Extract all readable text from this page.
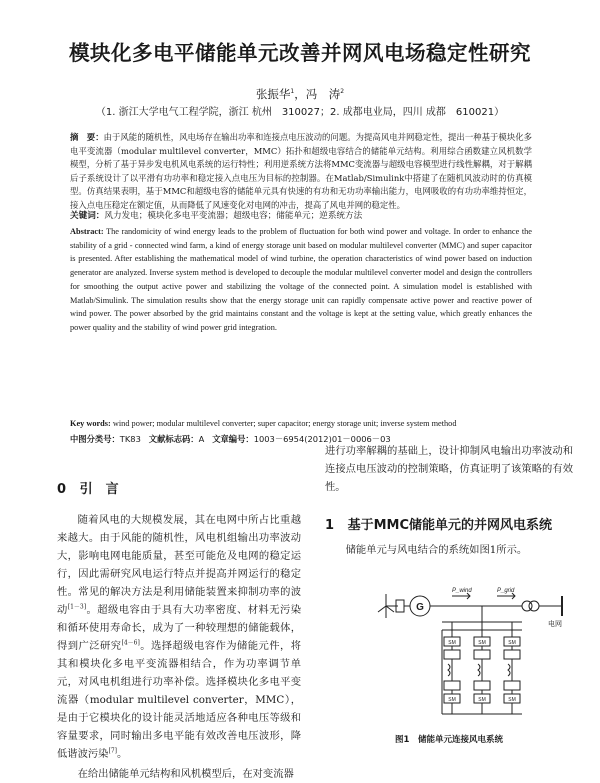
模块化多电平储能单元改善并网风电场稳定性研究
张振华$^1$，冯　涛$^2$
（1. 浙江大学电气工程学院，浙江 杭州　310027；2. 成都电业局，四川 成都　610021）
摘　要：由于风能的随机性，风电场存在输出功率和连接点电压波动的问题。为提高风电并网稳定性，提出一种基于模块化多电平变流器（modular multilevel converter，MMC）拓扑和超级电容结合的储能单元结构。利用综合函数建立风机数学模型，分析了基于异步发电机风电系统的运行特性；利用逆系统方法将MMC变流器与超级电容模型进行线性解耦，对于解耦后子系统设计了以平滑有功功率和稳定接入点电压为目标的控制器。在Matlab/Simulink中搭建了在随机风波动时的仿真模型。仿真结果表明，基于MMC和超级电容的储能单元具有快速的有功和无功功率输出能力，电网吸收的有功功率维持恒定，接入点电压稳定在额定值，从而降低了风速变化对电网的冲击，提高了风电并网的稳定性。
关键词：风力发电；模块化多电平变流器；超级电容；储能单元；逆系统方法
Abstract: The randomicity of wind energy leads to the problem of fluctuation for both wind power and voltage. In order to enhance the stability of a grid - connected wind farm, a kind of energy storage unit based on modular multilevel converter (MMC) and super capacitor is presented. After establishing the mathematical model of wind turbine, the operation characteristics of wind power based on induction generator are analyzed. Inverse system method is developed to decouple the modular multilevel converter model and design the controllers for smoothing the output active power and stabilizing the voltage of the connected point. A simulation model is established with Matlab/Simulink. The simulation results show that the energy storage unit can rapidly compensate active power and reactive power of wind power. The power absorbed by the grid maintains constant and the voltage is kept at the setting value, which greatly enhances the power quality and the stability of wind power grid integration.
Key words: wind power; modular multilevel converter; super capacitor; energy storage unit; inverse system method
中图分类号：TK83 文献标志码：A 文章编号：1003－6954(2012)01－0006－03

0 引　言

随着风电的大规模发展，其在电网中所占比重越来越大。由于风能的随机性，风电机组输出功率波动大，影响电网电能质量，甚至可能危及电网的稳定运行，因此需研究风电运行特点并提高并网运行的稳定性。常见的解决方法是利用储能装置来抑制功率的波动[1－3]。超级电容由于具有大功率密度、材料无污染和循环使用寿命长，成为了一种较理想的储能载体，得到广泛研究[4－6]。选择超级电容作为储能元件，将其和模块化多电平变流器相结合，作为功率调节单元，对风电机组进行功率补偿。选择模块化多电平变流器（modular multilevel converter，MMC），是由于它模块化的设计能灵活地适应各种电压等级和容量要求，同时输出多电平能有效改善电压波形，降低谐波污染[7]。

在给出储能单元结构和风机模型后，在对变流器

进行功率解耦的基础上，设计抑制风电输出功率波动和连接点电压波动的控制策略，仿真证明了该策略的有效性。

1 基于MMC储能单元的并网风电系统

储能单元与风电结合的系统如图1所示。

G
P_wind	P_grid
电网
SM	SM	SM
SM	SM	SM
图1　储能单元连接风电系统
